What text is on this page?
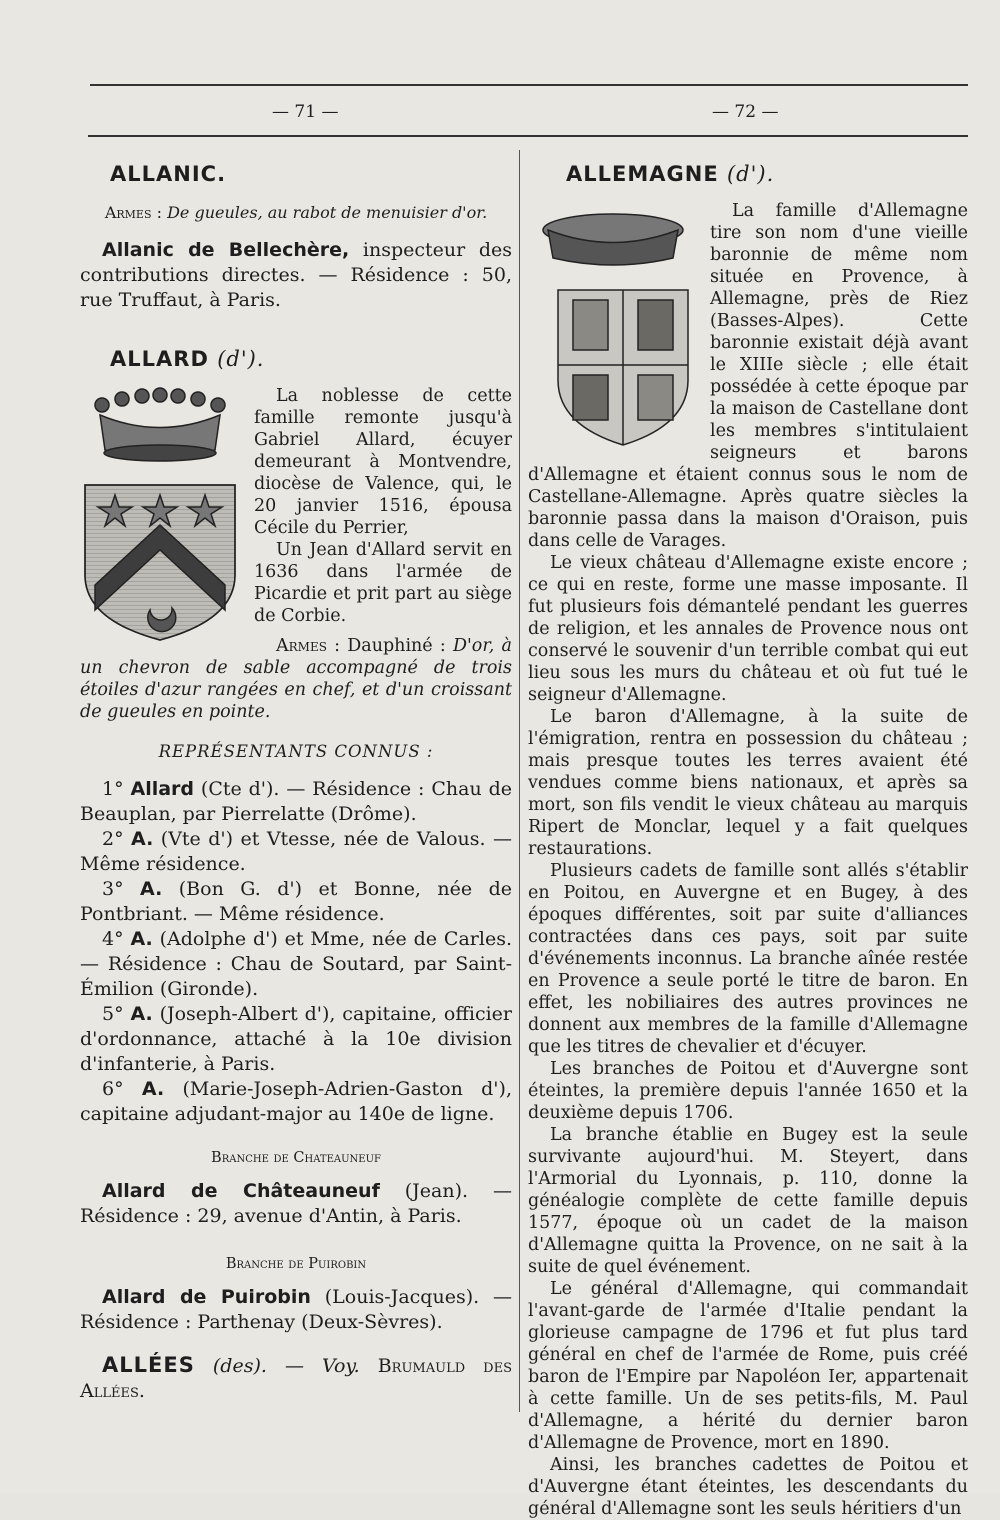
— 71 —	— 72 —
ALLANIC.

Armes : De gueules, au rabot de menuisier d'or.

Allanic de Bellechère, inspecteur des contributions directes. — Résidence : 50, rue Truffaut, à Paris.

ALLARD (d').

La noblesse de cette famille remonte jusqu'à Gabriel Allard, écuyer demeurant à Montvendre, diocèse de Valence, qui, le 20 janvier 1516, épousa Cécile du Perrier,

Un Jean d'Allard servit en 1636 dans l'armée de Picardie et prit part au siège de Corbie.

Armes : Dauphiné : D'or, à un chevron de sable accompagné de trois étoiles d'azur rangées en chef, et d'un croissant de gueules en pointe.

REPRÉSENTANTS CONNUS :

1° Allard (Cte d'). — Résidence : Chau de Beauplan, par Pierrelatte (Drôme).

2° A. (Vte d') et Vtesse, née de Valous. — Même résidence.

3° A. (Bon G. d') et Bonne, née de Pontbriant. — Même résidence.

4° A. (Adolphe d') et Mme, née de Carles. — Résidence : Chau de Soutard, par Saint-Émilion (Gironde).

5° A. (Joseph-Albert d'), capitaine, officier d'ordonnance, attaché à la 10e division d'infanterie, à Paris.

6° A. (Marie-Joseph-Adrien-Gaston d'), capitaine adjudant-major au 140e de ligne.

Branche de Chateauneuf

Allard de Châteauneuf (Jean). — Résidence : 29, avenue d'Antin, à Paris.

Branche de Puirobin

Allard de Puirobin (Louis-Jacques). — Résidence : Parthenay (Deux-Sèvres).

ALLÉES (des). — Voy. Brumauld des Allées.

ALLEMAGNE (d').

La famille d'Allemagne tire son nom d'une vieille baronnie de même nom située en Provence, à Allemagne, près de Riez (Basses-Alpes). Cette baronnie existait déjà avant le XIIIe siècle ; elle était possédée à cette époque par la maison de Castellane dont les membres s'intitulaient seigneurs et barons d'Allemagne et étaient connus sous le nom de Castellane-Allemagne. Après quatre siècles la baronnie passa dans la maison d'Oraison, puis dans celle de Varages.

Le vieux château d'Allemagne existe encore ; ce qui en reste, forme une masse imposante. Il fut plusieurs fois démantelé pendant les guerres de religion, et les annales de Provence nous ont conservé le souvenir d'un terrible combat qui eut lieu sous les murs du château et où fut tué le seigneur d'Allemagne.

Le baron d'Allemagne, à la suite de l'émigration, rentra en possession du château ; mais presque toutes les terres avaient été vendues comme biens nationaux, et après sa mort, son fils vendit le vieux château au marquis Ripert de Monclar, lequel y a fait quelques restaurations.

Plusieurs cadets de famille sont allés s'établir en Poitou, en Auvergne et en Bugey, à des époques différentes, soit par suite d'alliances contractées dans ces pays, soit par suite d'événements inconnus. La branche aînée restée en Provence a seule porté le titre de baron. En effet, les nobiliaires des autres provinces ne donnent aux membres de la famille d'Allemagne que les titres de chevalier et d'écuyer.

Les branches de Poitou et d'Auvergne sont éteintes, la première depuis l'année 1650 et la deuxième depuis 1706.

La branche établie en Bugey est la seule survivante aujourd'hui. M. Steyert, dans l'Armorial du Lyonnais, p. 110, donne la généalogie complète de cette famille depuis 1577, époque où un cadet de la maison d'Allemagne quitta la Provence, on ne sait à la suite de quel événement.

Le général d'Allemagne, qui commandait l'avant-garde de l'armée d'Italie pendant la glorieuse campagne de 1796 et fut plus tard général en chef de l'armée de Rome, puis créé baron de l'Empire par Napoléon Ier, appartenait à cette famille. Un de ses petits-fils, M. Paul d'Allemagne, a hérité du dernier baron d'Allemagne de Provence, mort en 1890.

Ainsi, les branches cadettes de Poitou et d'Auvergne étant éteintes, les descendants du général d'Allemagne sont les seuls héritiers d'un
